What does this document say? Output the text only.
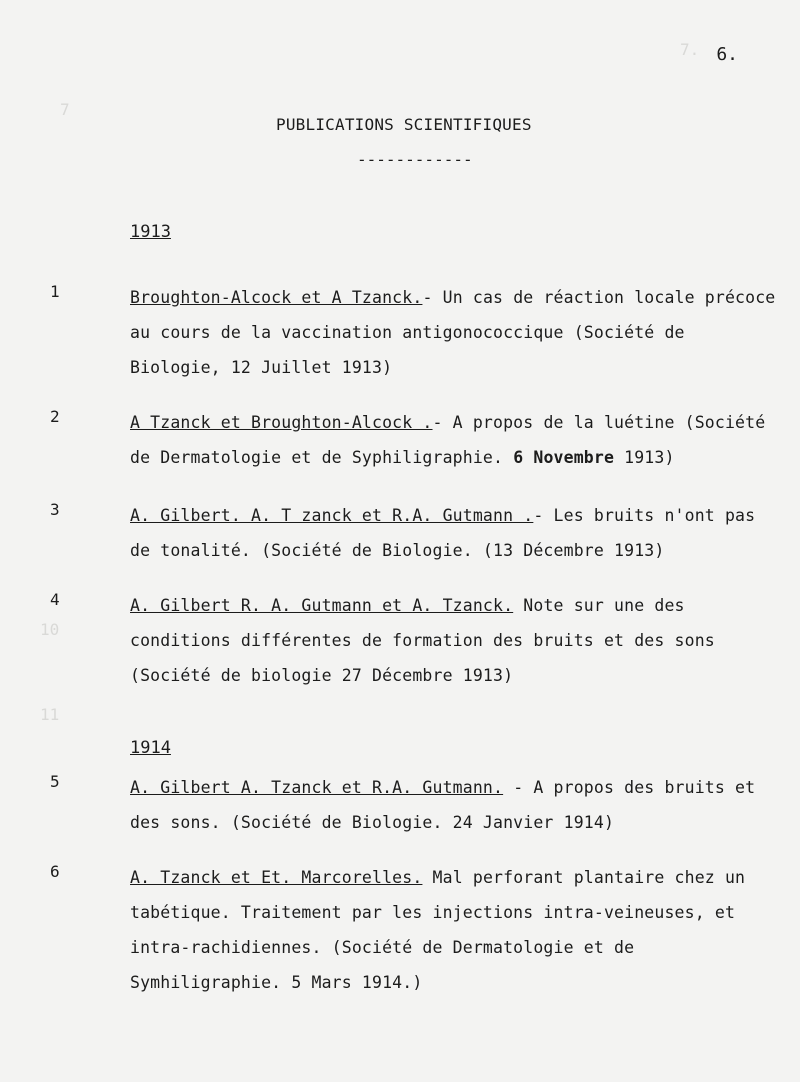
7.
7
10
11
6.
PUBLICATIONS SCIENTIFIQUES
------------
1913
1	Broughton-Alcock et A Tzanck.- Un cas de réaction locale précoce au cours de la vaccination antigonococcique (Société de Biologie, 12 Juillet 1913)
2	A Tzanck et Broughton-Alcock .- A propos de la luétine (Société de Dermatologie et de Syphiligraphie. 6 Novembre 1913)
3	A. Gilbert. A. T zanck et R.A. Gutmann .- Les bruits n'ont pas de tonalité. (Société de Biologie. (13 Décembre 1913)
4	A. Gilbert R. A. Gutmann et A. Tzanck. Note sur une des conditions différentes de formation des bruits et des sons (Société de biologie 27 Décembre 1913)
1914
5	A. Gilbert A. Tzanck et R.A. Gutmann. - A propos des bruits et des sons. (Société de Biologie. 24 Janvier 1914)
6	A. Tzanck et Et. Marcorelles. Mal perforant plantaire chez un tabétique. Traitement par les injections intra-veineuses, et intra-rachidiennes. (Société de Dermatologie et de Symhiligraphie. 5 Mars 1914.)
